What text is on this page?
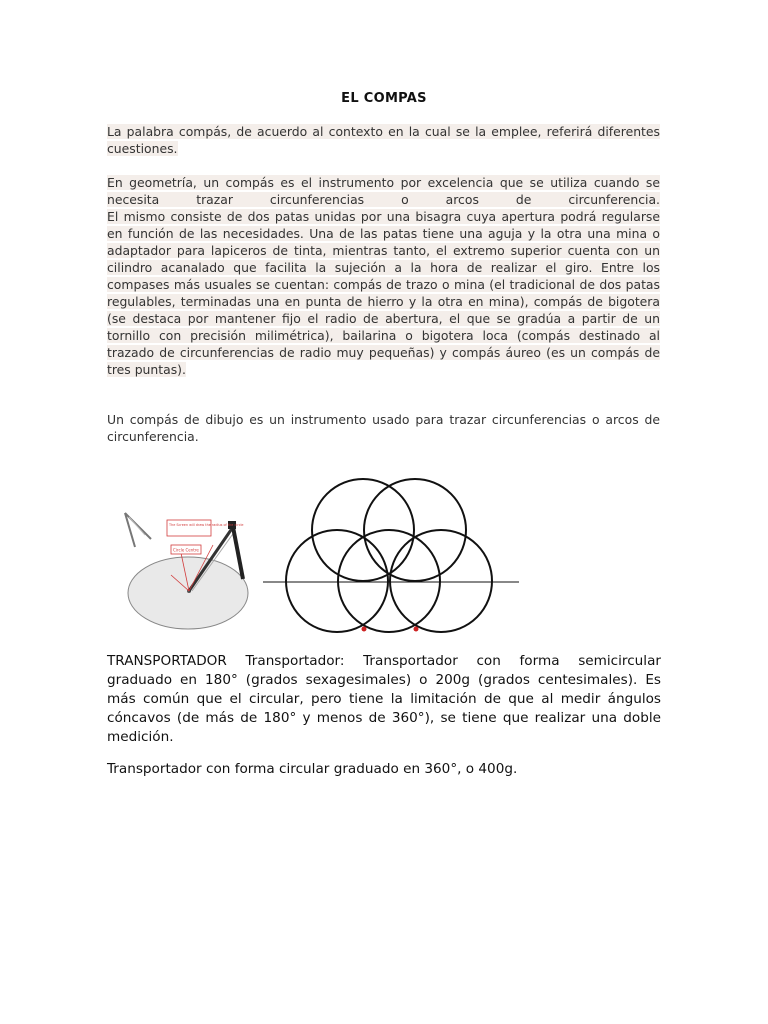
EL COMPAS
La palabra compás, de acuerdo al contexto en la cual se la emplee, referirá diferentes
cuestiones.
En geometría, un compás es el instrumento por excelencia que se utiliza cuando se
necesita trazar circunferencias o arcos de circunferencia.
El mismo consiste de dos patas unidas por una bisagra cuya apertura podrá regularse
en función de las necesidades. Una de las patas tiene una aguja y la otra una mina o
adaptador para lapiceros de tinta, mientras tanto, el extremo superior cuenta con un
cilindro acanalado que facilita la sujeción a la hora de realizar el giro. Entre los
compases más usuales se cuentan: compás de trazo o mina (el tradicional de dos patas
regulables, terminadas una en punta de hierro y la otra en mina), compás de bigotera
(se destaca por mantener fijo el radio de abertura, el que se gradúa a partir de un
tornillo con precisión milimétrica), bailarina o bigotera loca (compás destinado al
trazado de circunferencias de radio muy pequeñas) y compás áureo (es un compás de
tres puntas).
Un compás de dibujo es un instrumento usado para trazar circunferencias o arcos de
circunferencia.
The Screen will draw the radius of the circle
Circle Centre
TRANSPORTADOR Transportador: Transportador con forma semicircular
graduado en 180° (grados sexagesimales) o 200g (grados centesimales). Es
más común que el circular, pero tiene la limitación de que al medir ángulos
cóncavos (de más de 180° y menos de 360°), se tiene que realizar una doble
medición.
Transportador con forma circular graduado en 360°, o 400g.
